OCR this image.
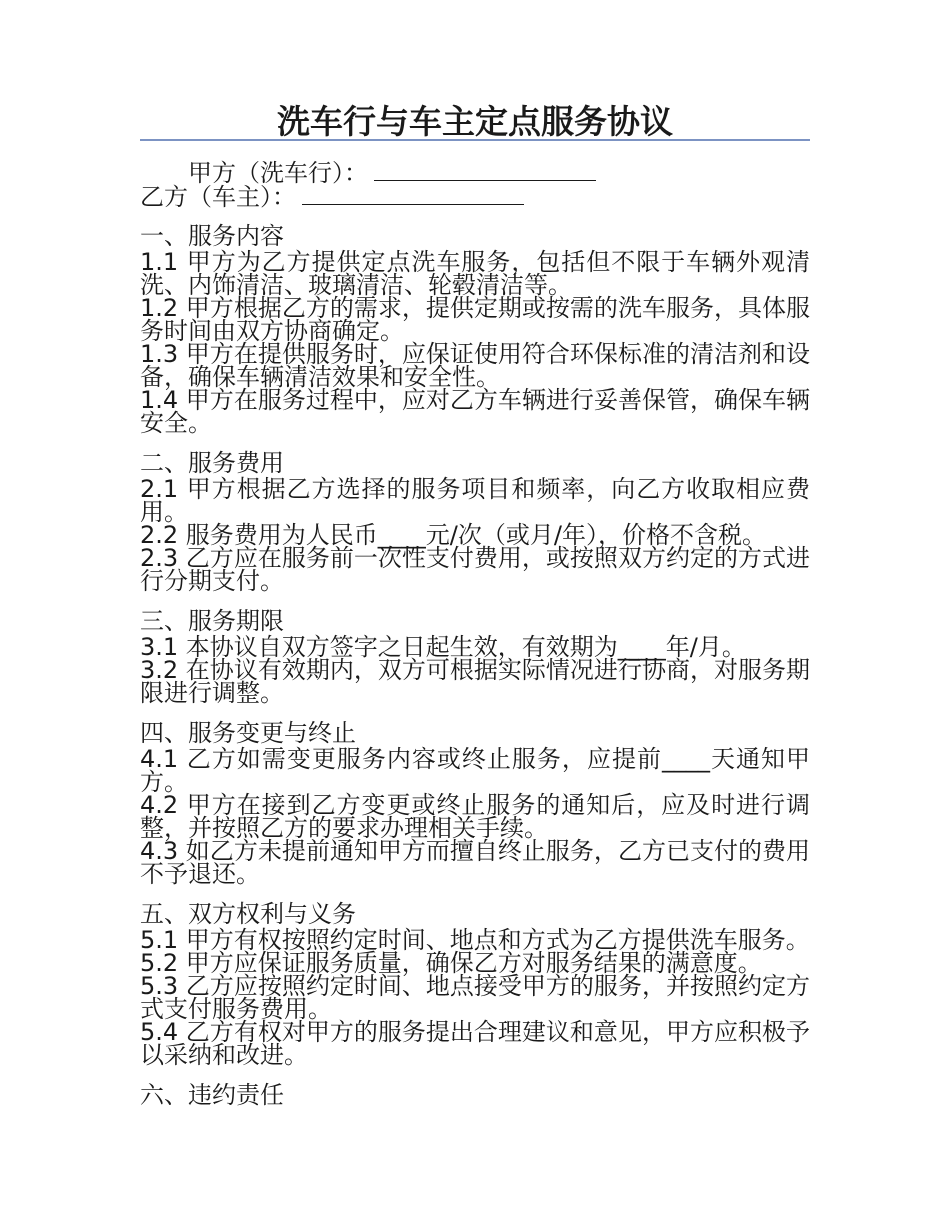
洗车行与车主定点服务协议
甲方（洗车行）：
乙方（车主）：

一、服务内容

1.1 甲方为乙方提供定点洗车服务，包括但不限于车辆外观清洗、内饰清洁、玻璃清洁、轮毂清洁等。

1.2 甲方根据乙方的需求，提供定期或按需的洗车服务，具体服务时间由双方协商确定。

1.3 甲方在提供服务时，应保证使用符合环保标准的清洁剂和设备，确保车辆清洁效果和安全性。

1.4 甲方在服务过程中，应对乙方车辆进行妥善保管，确保车辆安全。

二、服务费用

2.1 甲方根据乙方选择的服务项目和频率，向乙方收取相应费用。

2.2 服务费用为人民币____元/次（或月/年），价格不含税。

2.3 乙方应在服务前一次性支付费用，或按照双方约定的方式进行分期支付。

三、服务期限

3.1 本协议自双方签字之日起生效，有效期为____年/月。

3.2 在协议有效期内，双方可根据实际情况进行协商，对服务期限进行调整。

四、服务变更与终止

4.1 乙方如需变更服务内容或终止服务，应提前____天通知甲方。

4.2 甲方在接到乙方变更或终止服务的通知后，应及时进行调整，并按照乙方的要求办理相关手续。

4.3 如乙方未提前通知甲方而擅自终止服务，乙方已支付的费用不予退还。

五、双方权利与义务

5.1 甲方有权按照约定时间、地点和方式为乙方提供洗车服务。

5.2 甲方应保证服务质量，确保乙方对服务结果的满意度。

5.3 乙方应按照约定时间、地点接受甲方的服务，并按照约定方式支付服务费用。

5.4 乙方有权对甲方的服务提出合理建议和意见，甲方应积极予以采纳和改进。

六、违约责任
